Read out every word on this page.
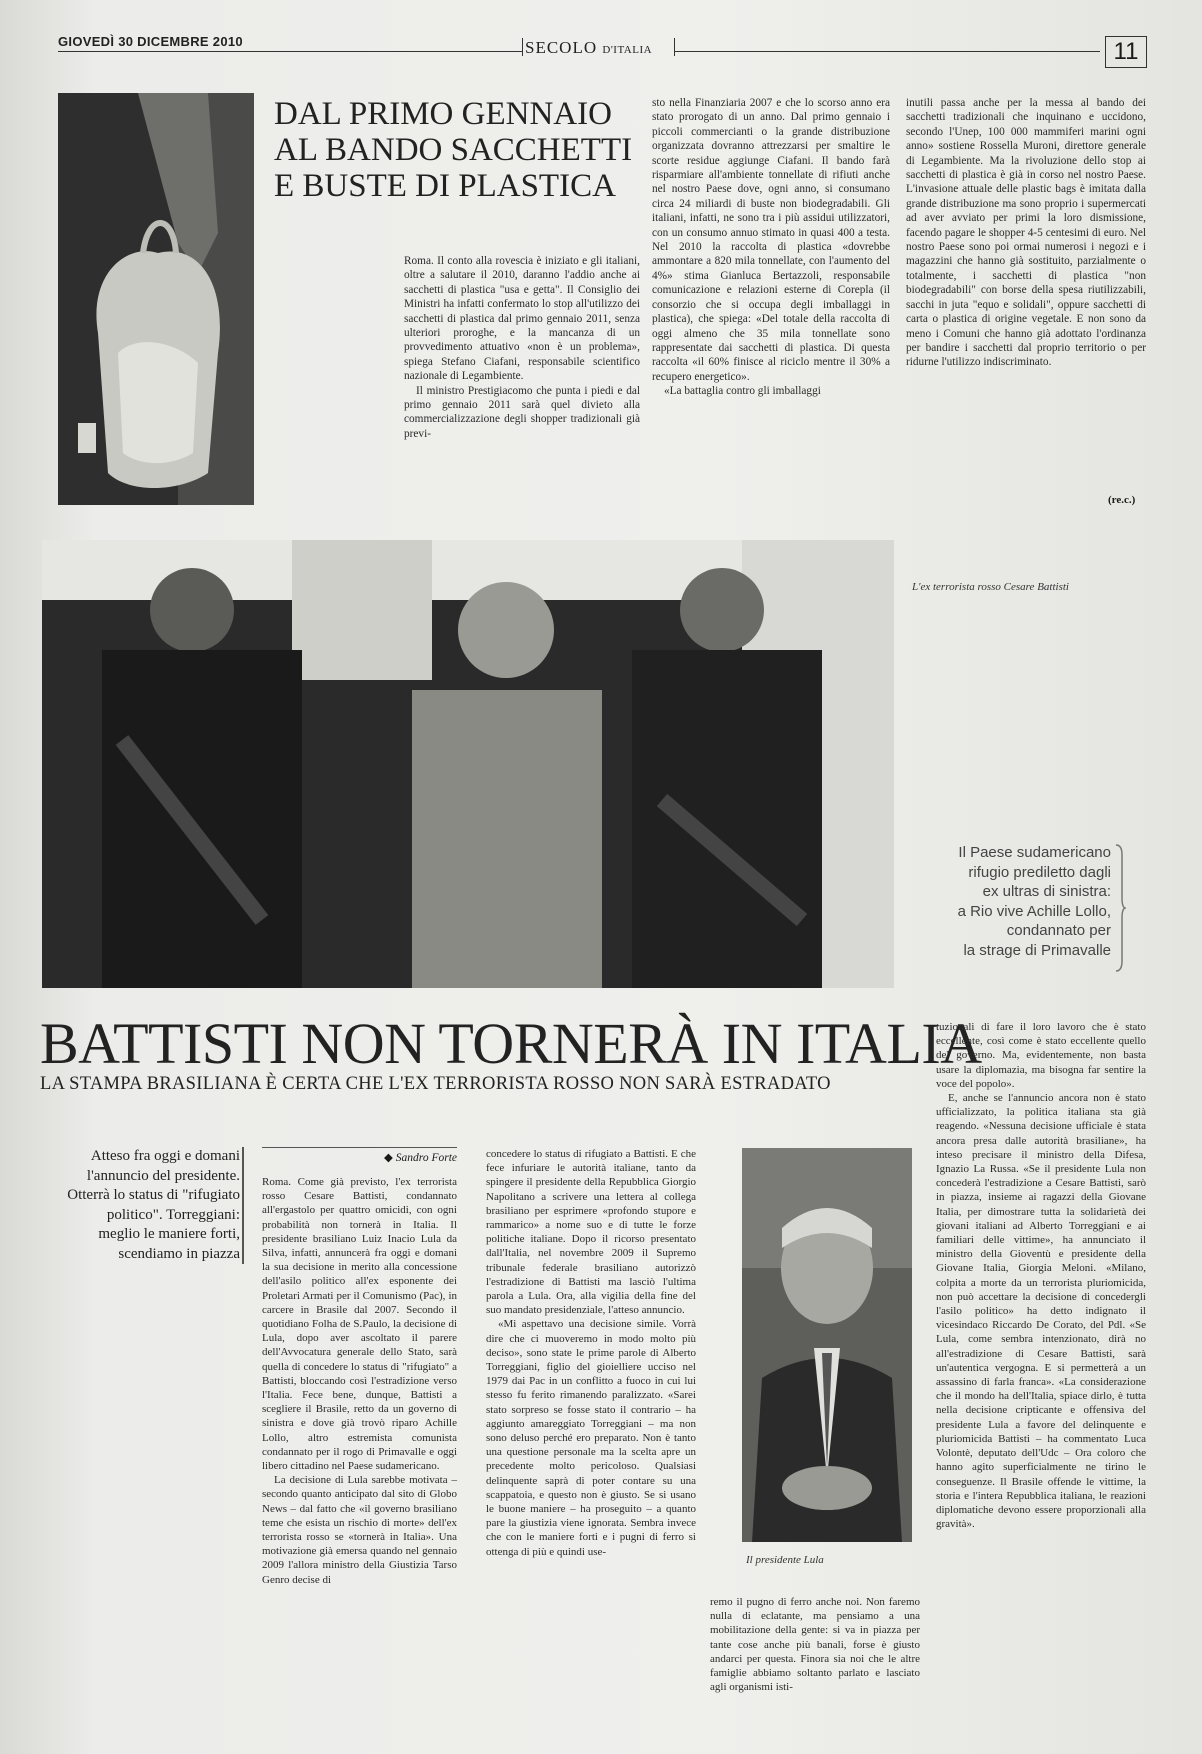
GIOVEDÌ 30 DICEMBRE 2010	SECOLO D'ITALIA	11
DAL PRIMO GENNAIO AL BANDO SACCHETTI E BUSTE DI PLASTICA

Roma. Il conto alla rovescia è iniziato e gli italiani, oltre a salutare il 2010, daranno l'addio anche ai sacchetti di plastica "usa e getta". Il Consiglio dei Ministri ha infatti confermato lo stop all'utilizzo dei sacchetti di plastica dal primo gennaio 2011, senza ulteriori proroghe, e la mancanza di un provvedimento attuativo «non è un problema», spiega Stefano Ciafani, responsabile scientifico nazionale di Legambiente.

Il ministro Prestigiacomo che punta i piedi e dal primo gennaio 2011 sarà quel divieto alla commercializzazione degli shopper tradizionali già previ-

sto nella Finanziaria 2007 e che lo scorso anno era stato prorogato di un anno. Dal primo gennaio i piccoli commercianti o la grande distribuzione organizzata dovranno attrezzarsi per smaltire le scorte residue aggiunge Ciafani. Il bando farà risparmiare all'ambiente tonnellate di rifiuti anche nel nostro Paese dove, ogni anno, si consumano circa 24 miliardi di buste non biodegradabili. Gli italiani, infatti, ne sono tra i più assidui utilizzatori, con un consumo annuo stimato in quasi 400 a testa. Nel 2010 la raccolta di plastica «dovrebbe ammontare a 820 mila tonnellate, con l'aumento del 4%» stima Gianluca Bertazzoli, responsabile comunicazione e relazioni esterne di Corepla (il consorzio che si occupa degli imballaggi in plastica), che spiega: «Del totale della raccolta di oggi almeno che 35 mila tonnellate sono rappresentate dai sacchetti di plastica. Di questa raccolta «il 60% finisce al riciclo mentre il 30% a recupero energetico».

«La battaglia contro gli imballaggi

inutili passa anche per la messa al bando dei sacchetti tradizionali che inquinano e uccidono, secondo l'Unep, 100 000 mammiferi marini ogni anno» sostiene Rossella Muroni, direttore generale di Legambiente. Ma la rivoluzione dello stop ai sacchetti di plastica è già in corso nel nostro Paese. L'invasione attuale delle plastic bags è imitata dalla grande distribuzione ma sono proprio i supermercati ad aver avviato per primi la loro dismissione, facendo pagare le shopper 4-5 centesimi di euro. Nel nostro Paese sono poi ormai numerosi i negozi e i magazzini che hanno già sostituito, parzialmente o totalmente, i sacchetti di plastica "non biodegradabili" con borse della spesa riutilizzabili, sacchi in juta "equo e solidali", oppure sacchetti di carta o plastica di origine vegetale. E non sono da meno i Comuni che hanno già adottato l'ordinanza per bandire i sacchetti dal proprio territorio o per ridurne l'utilizzo indiscriminato.

(re.c.)
L'ex terrorista rosso Cesare Battisti
Il Paese sudamericano
rifugio prediletto dagli
ex ultras di sinistra:
a Rio vive Achille Lollo,
condannato per
la strage di Primavalle
BATTISTI NON TORNERÀ IN ITALIA
LA STAMPA BRASILIANA È CERTA CHE L'EX TERRORISTA ROSSO NON SARÀ ESTRADATO
Atteso fra oggi e domani
l'annuncio del presidente.
Otterrà lo status di "rifugiato
politico". Torreggiani:
meglio le maniere forti,
scendiamo in piazza
◆ Sandro Forte

Roma. Come già previsto, l'ex terrorista rosso Cesare Battisti, condannato all'ergastolo per quattro omicidi, con ogni probabilità non tornerà in Italia. Il presidente brasiliano Luiz Inacio Lula da Silva, infatti, annuncerà fra oggi e domani la sua decisione in merito alla concessione dell'asilo politico all'ex esponente dei Proletari Armati per il Comunismo (Pac), in carcere in Brasile dal 2007. Secondo il quotidiano Folha de S.Paulo, la decisione di Lula, dopo aver ascoltato il parere dell'Avvocatura generale dello Stato, sarà quella di concedere lo status di "rifugiato" a Battisti, bloccando così l'estradizione verso l'Italia. Fece bene, dunque, Battisti a scegliere il Brasile, retto da un governo di sinistra e dove già trovò riparo Achille Lollo, altro estremista comunista condannato per il rogo di Primavalle e oggi libero cittadino nel Paese sudamericano.

La decisione di Lula sarebbe motivata – secondo quanto anticipato dal sito di Globo News – dal fatto che «il governo brasiliano teme che esista un rischio di morte» dell'ex terrorista rosso se «tornerà in Italia». Una motivazione già emersa quando nel gennaio 2009 l'allora ministro della Giustizia Tarso Genro decise di

concedere lo status di rifugiato a Battisti. E che fece infuriare le autorità italiane, tanto da spingere il presidente della Repubblica Giorgio Napolitano a scrivere una lettera al collega brasiliano per esprimere «profondo stupore e rammarico» a nome suo e di tutte le forze politiche italiane. Dopo il ricorso presentato dall'Italia, nel novembre 2009 il Supremo tribunale federale brasiliano autorizzò l'estradizione di Battisti ma lasciò l'ultima parola a Lula. Ora, alla vigilia della fine del suo mandato presidenziale, l'atteso annuncio.

«Mi aspettavo una decisione simile. Vorrà dire che ci muoveremo in modo molto più deciso», sono state le prime parole di Alberto Torreggiani, figlio del gioielliere ucciso nel 1979 dai Pac in un conflitto a fuoco in cui lui stesso fu ferito rimanendo paralizzato. «Sarei stato sorpreso se fosse stato il contrario – ha aggiunto amareggiato Torreggiani – ma non sono deluso perché ero preparato. Non è tanto una questione personale ma la scelta apre un precedente molto pericoloso. Qualsiasi delinquente saprà di poter contare su una scappatoia, e questo non è giusto. Se si usano le buone maniere – ha proseguito – a quanto pare la giustizia viene ignorata. Sembra invece che con le maniere forti e i pugni di ferro si ottenga di più e quindi use-

Il presidente Lula

remo il pugno di ferro anche noi. Non faremo nulla di eclatante, ma pensiamo a una mobilitazione della gente: si va in piazza per tante cose anche più banali, forse è giusto andarci per questa. Finora sia noi che le altre famiglie abbiamo soltanto parlato e lasciato agli organismi isti-

tuzionali di fare il loro lavoro che è stato eccellente, così come è stato eccellente quello del governo. Ma, evidentemente, non basta usare la diplomazia, ma bisogna far sentire la voce del popolo».

E, anche se l'annuncio ancora non è stato ufficializzato, la politica italiana sta già reagendo. «Nessuna decisione ufficiale è stata ancora presa dalle autorità brasiliane», ha inteso precisare il ministro della Difesa, Ignazio La Russa. «Se il presidente Lula non concederà l'estradizione a Cesare Battisti, sarò in piazza, insieme ai ragazzi della Giovane Italia, per dimostrare tutta la solidarietà dei giovani italiani ad Alberto Torreggiani e ai familiari delle vittime», ha annunciato il ministro della Gioventù e presidente della Giovane Italia, Giorgia Meloni. «Milano, colpita a morte da un terrorista pluriomicida, non può accettare la decisione di concedergli l'asilo politico» ha detto indignato il vicesindaco Riccardo De Corato, del Pdl. «Se Lula, come sembra intenzionato, dirà no all'estradizione di Cesare Battisti, sarà un'autentica vergogna. E si permetterà a un assassino di farla franca». «La considerazione che il mondo ha dell'Italia, spiace dirlo, è tutta nella decisione cripticante e offensiva del presidente Lula a favore del delinquente e pluriomicida Battisti – ha commentato Luca Volontè, deputato dell'Udc – Ora coloro che hanno agito superficialmente ne tirino le conseguenze. Il Brasile offende le vittime, la storia e l'intera Repubblica italiana, le reazioni diplomatiche devono essere proporzionali alla gravità».
